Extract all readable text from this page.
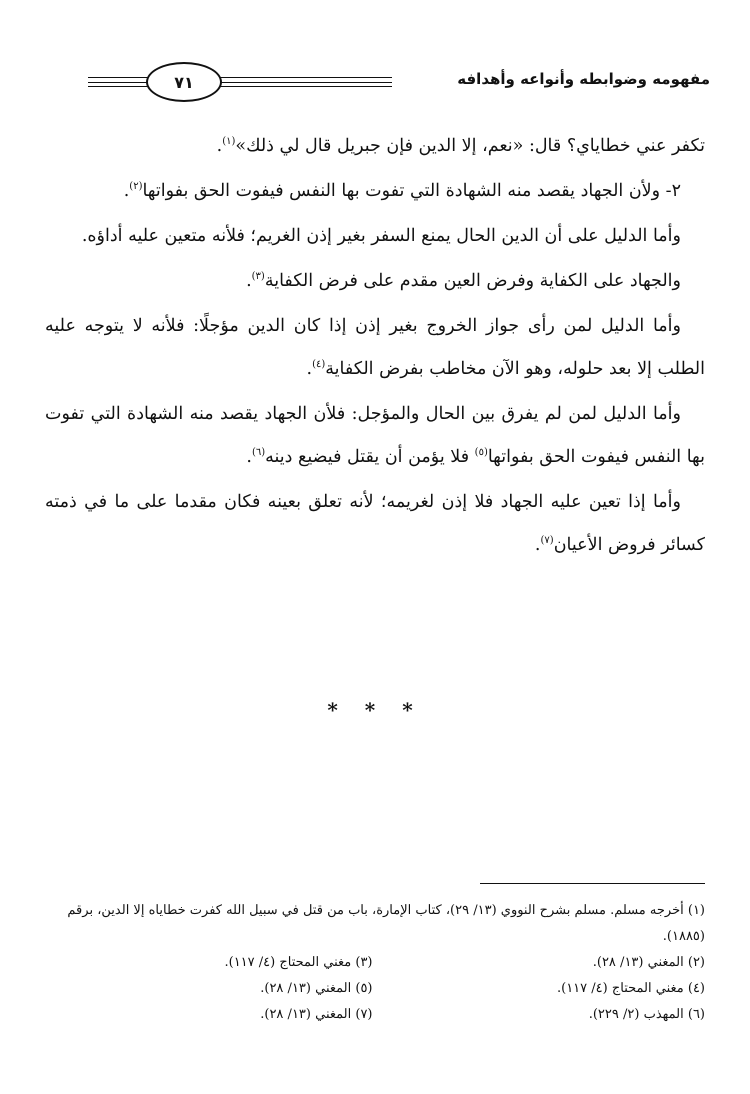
مفهومه وضوابطه وأنواعه وأهدافه
٧١

تكفر عني خطاياي؟ قال: «نعم، إلا الدين فإن جبريل قال لي ذلك»$^{(١)}$.

٢- ولأن الجهاد يقصد منه الشهادة التي تفوت بها النفس فيفوت الحق بفواتها$^{(٢)}$.

وأما الدليل على أن الدين الحال يمنع السفر بغير إذن الغريم؛ فلأنه متعين عليه أداؤه.

والجهاد على الكفاية وفرض العين مقدم على فرض الكفاية$^{(٣)}$.

وأما الدليل لمن رأى جواز الخروج بغير إذن إذا كان الدين مؤجلًا: فلأنه لا يتوجه عليه الطلب إلا بعد حلوله، وهو الآن مخاطب بفرض الكفاية$^{(٤)}$.

وأما الدليل لمن لم يفرق بين الحال والمؤجل: فلأن الجهاد يقصد منه الشهادة التي تفوت بها النفس فيفوت الحق بفواتها$^{(٥)}$ فلا يؤمن أن يقتل فيضيع دينه$^{(٦)}$.

وأما إذا تعين عليه الجهاد فلا إذن لغريمه؛ لأنه تعلق بعينه فكان مقدما على ما في ذمته كسائر فروض الأعيان$^{(٧)}$.

* * *

(١) أخرجه مسلم. مسلم بشرح النووي (١٣/ ٢٩)، كتاب الإمارة، باب من قتل في سبيل الله كفرت خطاياه إلا الدين، برقم (١٨٨٥).

(٢) المغني (١٣/ ٢٨).
(٣) مغني المحتاج (٤/ ١١٧).
(٤) مغني المحتاج (٤/ ١١٧).
(٥) المغني (١٣/ ٢٨).
(٦) المهذب (٢/ ٢٢٩).
(٧) المغني (١٣/ ٢٨).
